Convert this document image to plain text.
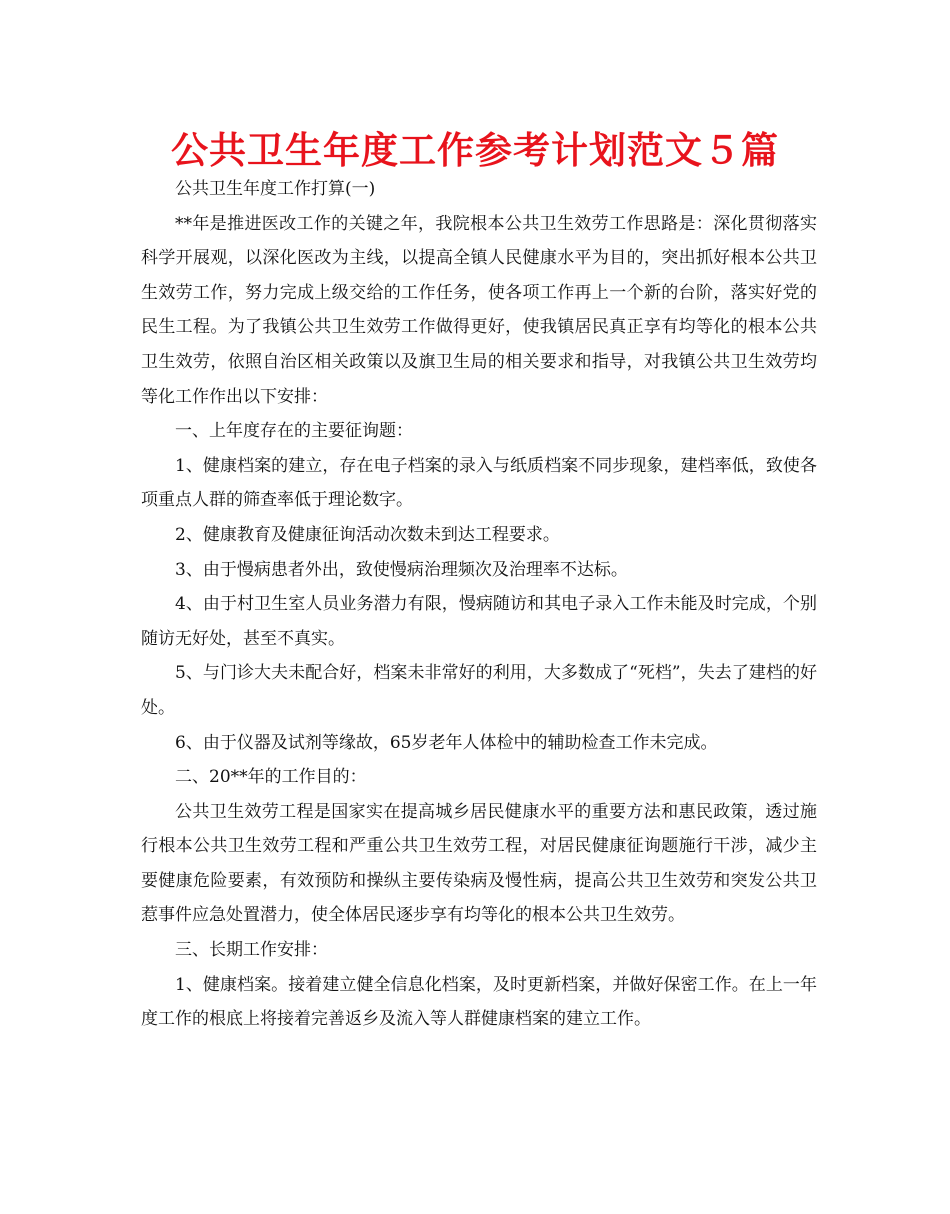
公共卫生年度工作参考计划范文５篇

公共卫生年度工作打算(一)

**年是推进医改工作的关键之年，我院根本公共卫生效劳工作思路是：深化贯彻落实科学开展观，以深化医改为主线，以提高全镇人民健康水平为目的，突出抓好根本公共卫生效劳工作，努力完成上级交给的工作任务，使各项工作再上一个新的台阶，落实好党的民生工程。为了我镇公共卫生效劳工作做得更好，使我镇居民真正享有均等化的根本公共卫生效劳，依照自治区相关政策以及旗卫生局的相关要求和指导，对我镇公共卫生效劳均等化工作作出以下安排：

一、上年度存在的主要征询题：

1、健康档案的建立，存在电子档案的录入与纸质档案不同步现象，建档率低，致使各项重点人群的筛查率低于理论数字。

2、健康教育及健康征询活动次数未到达工程要求。

3、由于慢病患者外出，致使慢病治理频次及治理率不达标。

4、由于村卫生室人员业务潜力有限，慢病随访和其电子录入工作未能及时完成，个别随访无好处，甚至不真实。

5、与门诊大夫未配合好，档案未非常好的利用，大多数成了“死档”，失去了建档的好处。

6、由于仪器及试剂等缘故，65岁老年人体检中的辅助检查工作未完成。

二、20**年的工作目的：

公共卫生效劳工程是国家实在提高城乡居民健康水平的重要方法和惠民政策，透过施行根本公共卫生效劳工程和严重公共卫生效劳工程，对居民健康征询题施行干涉，减少主要健康危险要素，有效预防和操纵主要传染病及慢性病，提高公共卫生效劳和突发公共卫惹事件应急处置潜力，使全体居民逐步享有均等化的根本公共卫生效劳。

三、长期工作安排：

1、健康档案。接着建立健全信息化档案，及时更新档案，并做好保密工作。在上一年度工作的根底上将接着完善返乡及流入等人群健康档案的建立工作。
